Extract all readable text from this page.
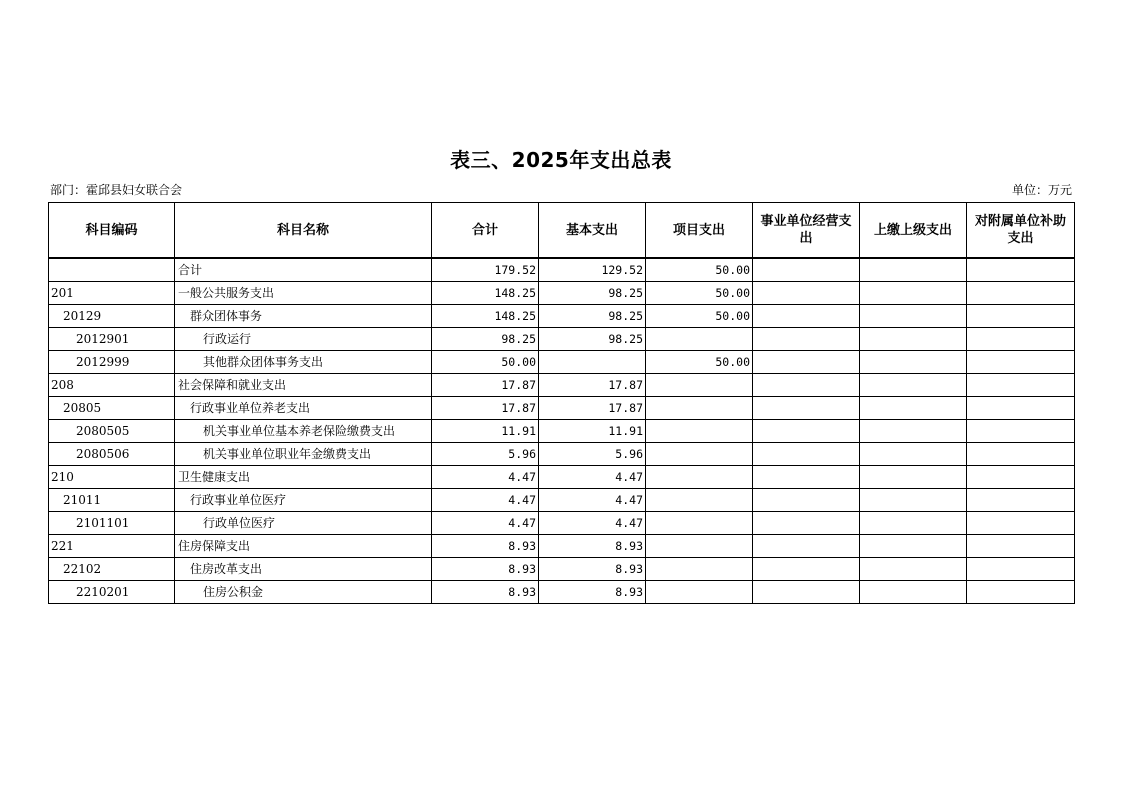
表三、2025年支出总表
部门：霍邱县妇女联合会	单位：万元
科目编码	科目名称	合计	基本支出	项目支出	事业单位经营支出	上缴上级支出	对附属单位补助支出
	合计	179.52	129.52	50.00			
201	一般公共服务支出	148.25	98.25	50.00			
20129	群众团体事务	148.25	98.25	50.00			
2012901	行政运行	98.25	98.25				
2012999	其他群众团体事务支出	50.00		50.00			
208	社会保障和就业支出	17.87	17.87				
20805	行政事业单位养老支出	17.87	17.87				
2080505	机关事业单位基本养老保险缴费支出	11.91	11.91				
2080506	机关事业单位职业年金缴费支出	5.96	5.96				
210	卫生健康支出	4.47	4.47				
21011	行政事业单位医疗	4.47	4.47				
2101101	行政单位医疗	4.47	4.47				
221	住房保障支出	8.93	8.93				
22102	住房改革支出	8.93	8.93				
2210201	住房公积金	8.93	8.93				
